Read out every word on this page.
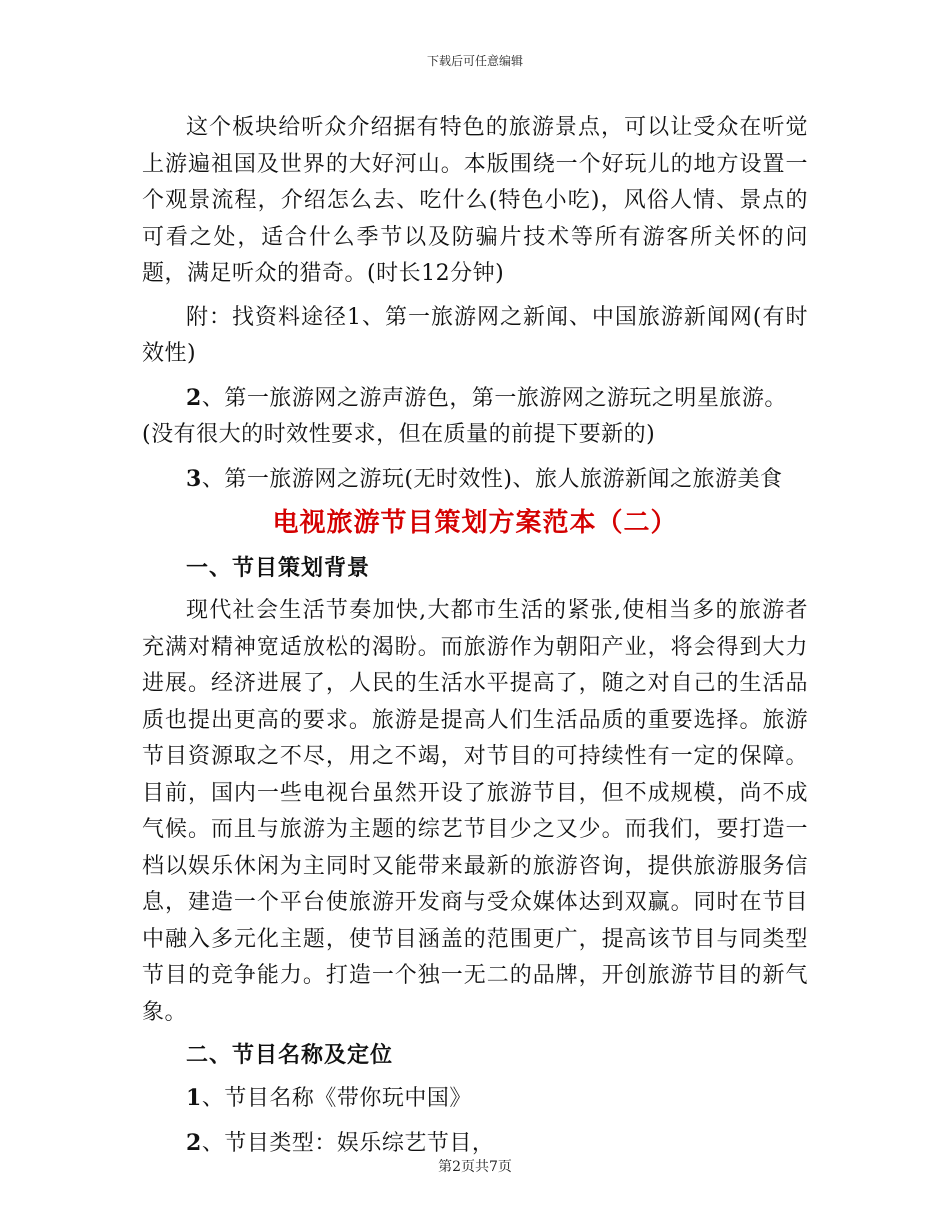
下载后可任意编辑

这个板块给听众介绍据有特色的旅游景点，可以让受众在听觉上游遍祖国及世界的大好河山。本版围绕一个好玩儿的地方设置一个观景流程，介绍怎么去、吃什么(特色小吃)，风俗人情、景点的可看之处，适合什么季节以及防骗片技术等所有游客所关怀的问题，满足听众的猎奇。(时长12分钟)

附：找资料途径1、第一旅游网之新闻、中国旅游新闻网(有时效性)

2、第一旅游网之游声游色，第一旅游网之游玩之明星旅游。(没有很大的时效性要求，但在质量的前提下要新的)

3、第一旅游网之游玩(无时效性)、旅人旅游新闻之旅游美食

电视旅游节目策划方案范本（二）
一、节目策划背景

现代社会生活节奏加快,大都市生活的紧张,使相当多的旅游者充满对精神宽适放松的渴盼。而旅游作为朝阳产业，将会得到大力进展。经济进展了，人民的生活水平提高了，随之对自己的生活品质也提出更高的要求。旅游是提高人们生活品质的重要选择。旅游节目资源取之不尽，用之不竭，对节目的可持续性有一定的保障。目前，国内一些电视台虽然开设了旅游节目，但不成规模，尚不成气候。而且与旅游为主题的综艺节目少之又少。而我们，要打造一档以娱乐休闲为主同时又能带来最新的旅游咨询，提供旅游服务信息，建造一个平台使旅游开发商与受众媒体达到双赢。同时在节目中融入多元化主题，使节目涵盖的范围更广，提高该节目与同类型节目的竞争能力。打造一个独一无二的品牌，开创旅游节目的新气象。

二、节目名称及定位

1、节目名称《带你玩中国》

2、节目类型：娱乐综艺节目，

第2页共7页
